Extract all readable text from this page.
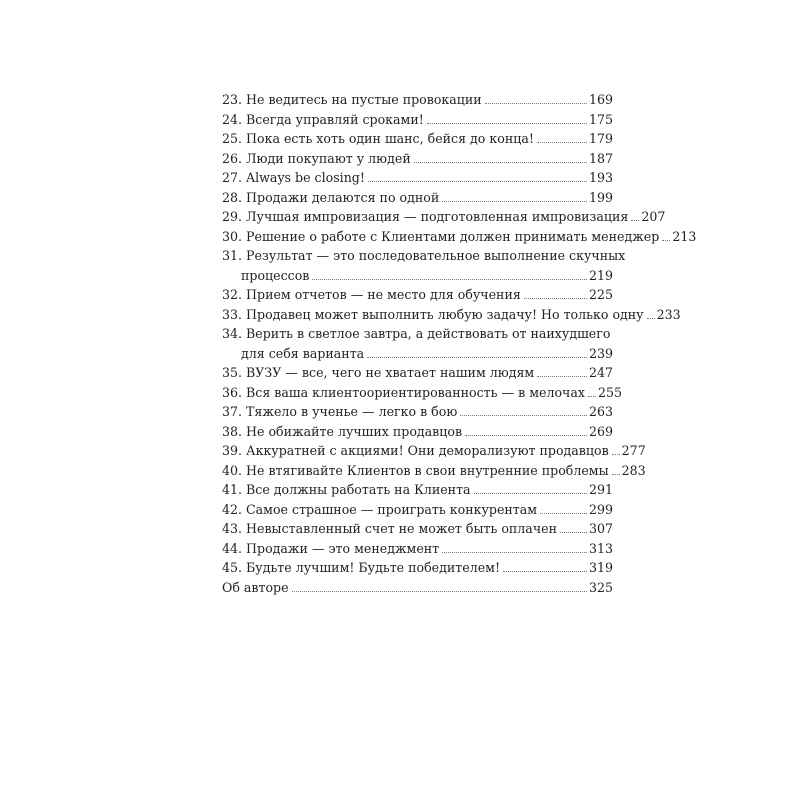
23. Не ведитесь на пустые провокации	169
24. Всегда управляй сроками!	175
25. Пока есть хоть один шанс, бейся до конца!	179
26. Люди покупают у людей	187
27. Always be closing!	193
28. Продажи делаются по одной	199
29. Лучшая импровизация — подготовленная импровизация 207
30. Решение о работе с Клиентами должен принимать менеджер 213
31. Результат — это последовательное выполнение скучных
процессов	219
32. Прием отчетов — не место для обучения	225
33. Продавец может выполнить любую задачу! Но только одну 233
34. Верить в светлое завтра, а действовать от наихудшего
для себя варианта	239
35. ВУЗУ — все, чего не хватает нашим людям	247
36. Вся ваша клиентоориентированность — в мелочах 255
37. Тяжело в ученье — легко в бою	263
38. Не обижайте лучших продавцов	269
39. Аккуратней с акциями! Они деморализуют продавцов 277
40. Не втягивайте Клиентов в свои внутренние проблемы 283
41. Все должны работать на Клиента	291
42. Самое страшное — проиграть конкурентам	299
43. Невыставленный счет не может быть оплачен	307
44. Продажи — это менеджмент	313
45. Будьте лучшим! Будьте победителем!	319
Об авторе	325
